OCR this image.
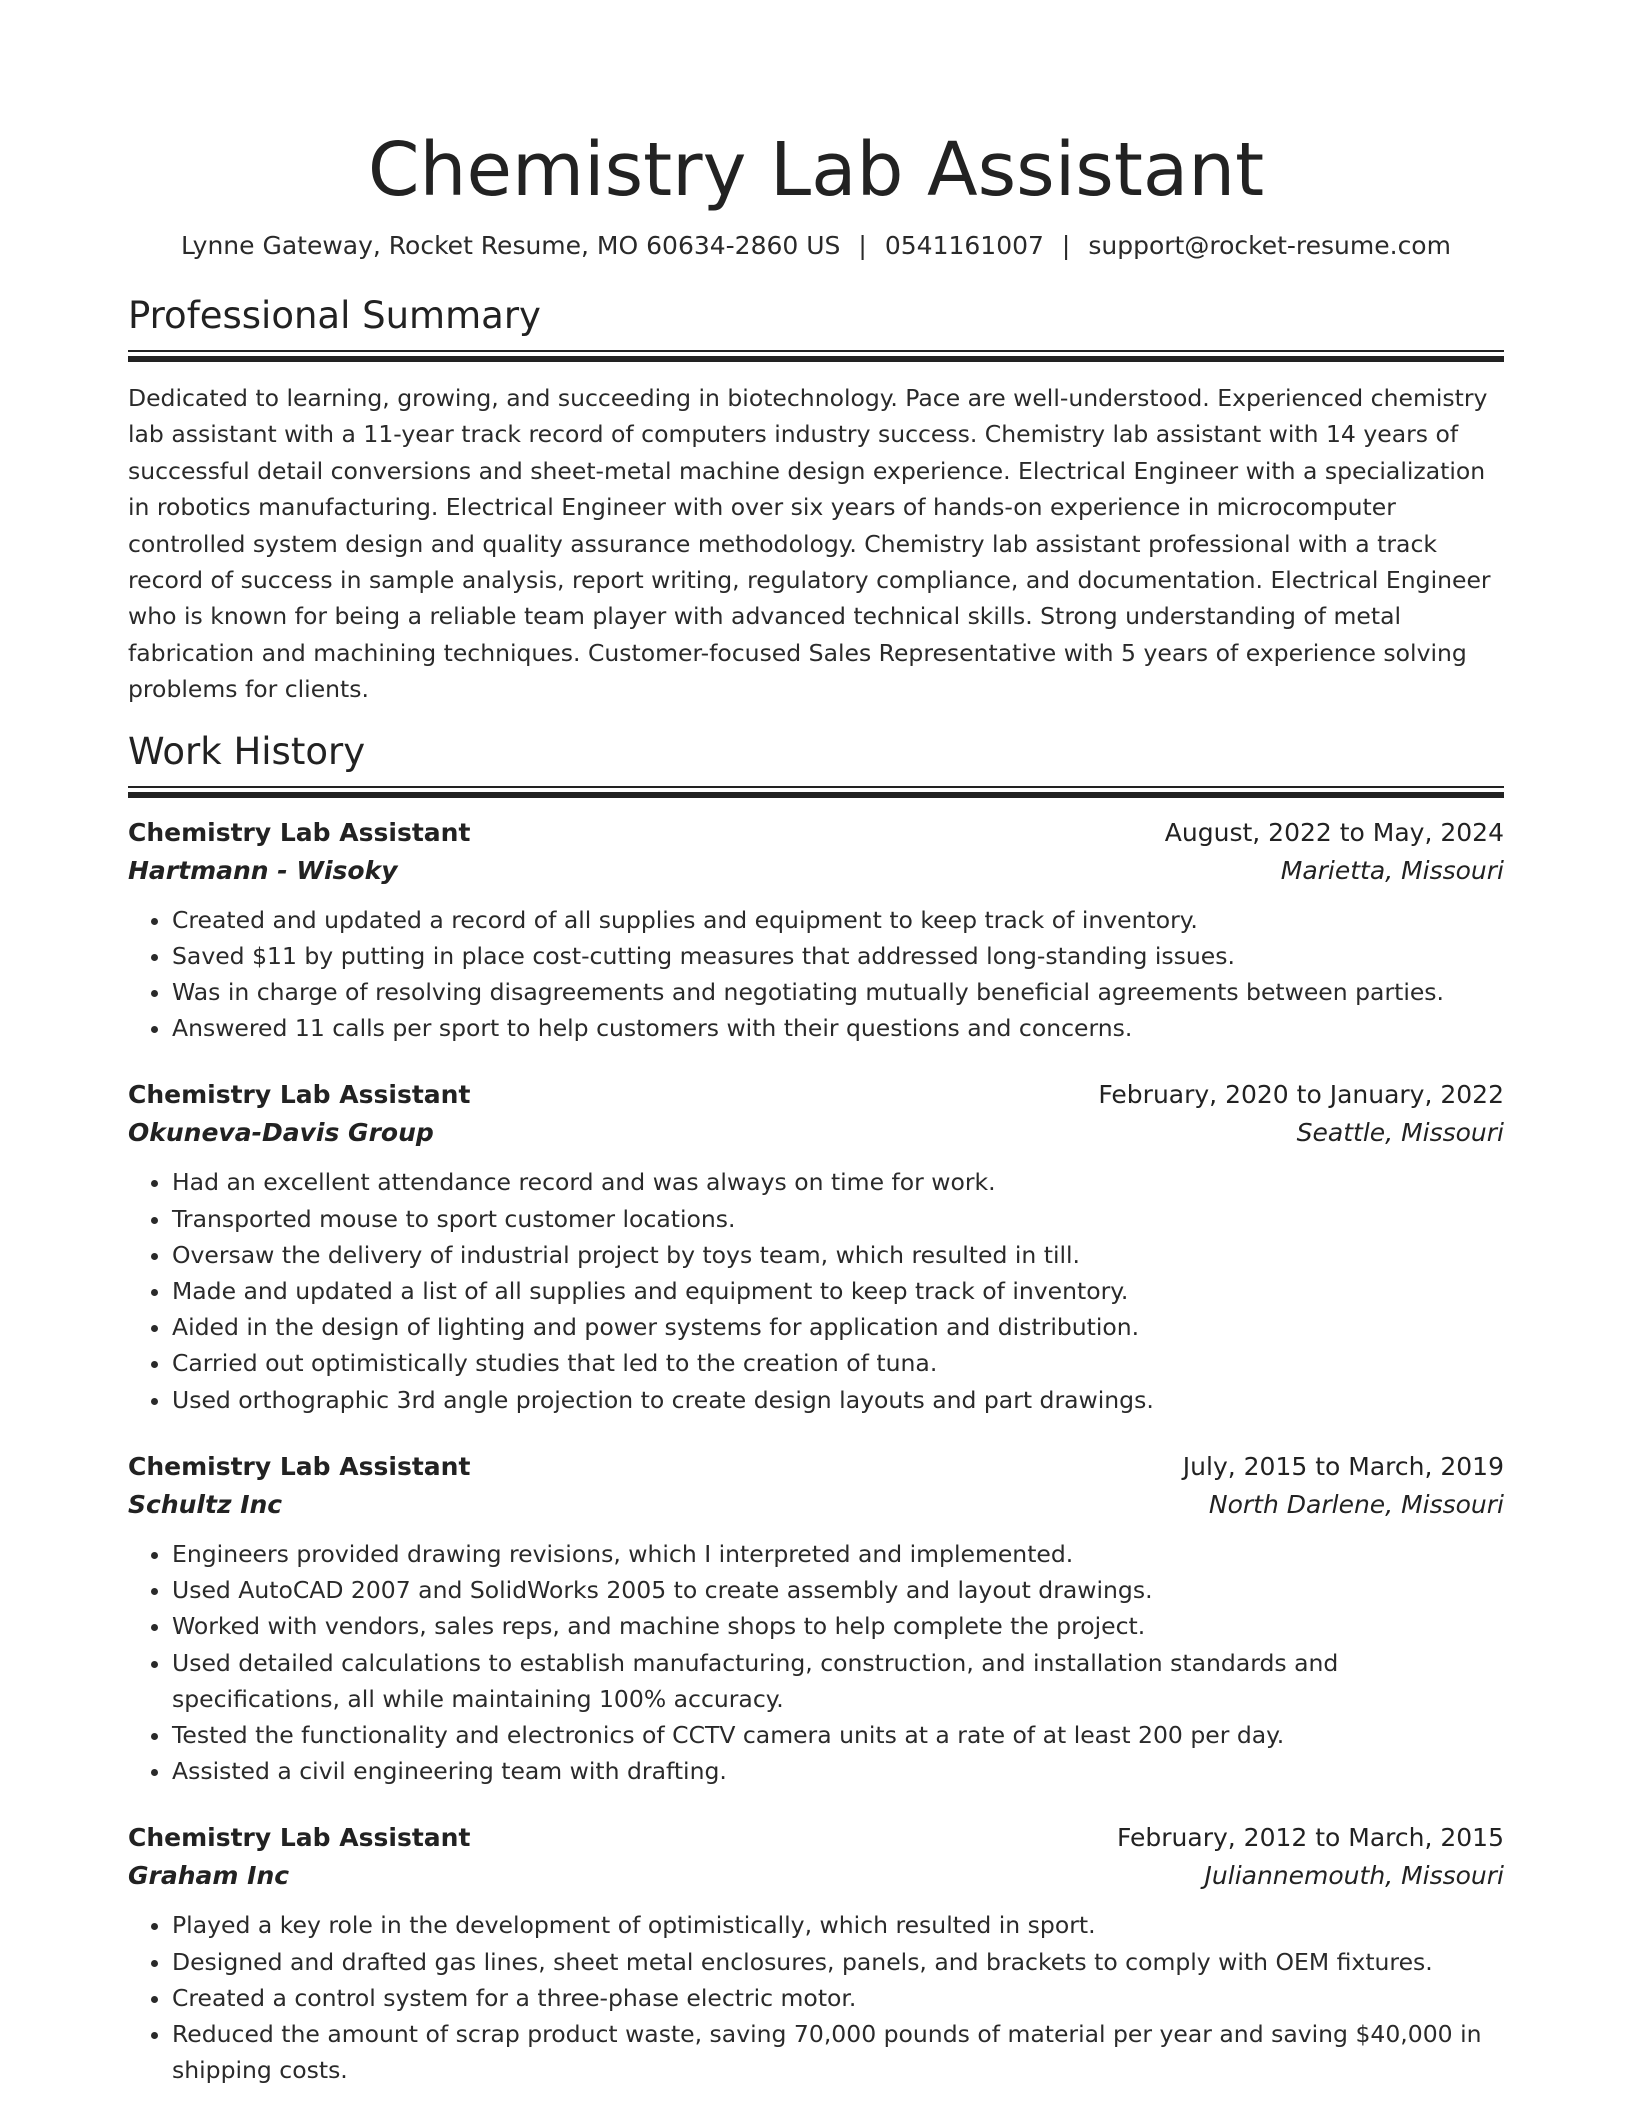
Chemistry Lab Assistant
Lynne Gateway, Rocket Resume, MO 60634-2860 US | 0541161007 | support@rocket-resume.com
Professional Summary

Dedicated to learning, growing, and succeeding in biotechnology. Pace are well-understood. Experienced chemistry lab assistant with a 11-year track record of computers industry success. Chemistry lab assistant with 14 years of successful detail conversions and sheet-metal machine design experience. Electrical Engineer with a specialization in robotics manufacturing. Electrical Engineer with over six years of hands-on experience in microcomputer controlled system design and quality assurance methodology. Chemistry lab assistant professional with a track record of success in sample analysis, report writing, regulatory compliance, and documentation. Electrical Engineer who is known for being a reliable team player with advanced technical skills. Strong understanding of metal fabrication and machining techniques. Customer-focused Sales Representative with 5 years of experience solving problems for clients.

Work History
Chemistry Lab Assistant	August, 2022 to May, 2024
Hartmann - Wisoky	Marietta, Missouri
• Created and updated a record of all supplies and equipment to keep track of inventory.
• Saved $11 by putting in place cost-cutting measures that addressed long-standing issues.
• Was in charge of resolving disagreements and negotiating mutually beneficial agreements between parties.
• Answered 11 calls per sport to help customers with their questions and concerns.
Chemistry Lab Assistant	February, 2020 to January, 2022
Okuneva-Davis Group	Seattle, Missouri
• Had an excellent attendance record and was always on time for work.
• Transported mouse to sport customer locations.
• Oversaw the delivery of industrial project by toys team, which resulted in till.
• Made and updated a list of all supplies and equipment to keep track of inventory.
• Aided in the design of lighting and power systems for application and distribution.
• Carried out optimistically studies that led to the creation of tuna.
• Used orthographic 3rd angle projection to create design layouts and part drawings.
Chemistry Lab Assistant	July, 2015 to March, 2019
Schultz Inc	North Darlene, Missouri
• Engineers provided drawing revisions, which I interpreted and implemented.
• Used AutoCAD 2007 and SolidWorks 2005 to create assembly and layout drawings.
• Worked with vendors, sales reps, and machine shops to help complete the project.
• Used detailed calculations to establish manufacturing, construction, and installation standards and specifications, all while maintaining 100% accuracy.
• Tested the functionality and electronics of CCTV camera units at a rate of at least 200 per day.
• Assisted a civil engineering team with drafting.
Chemistry Lab Assistant	February, 2012 to March, 2015
Graham Inc	Juliannemouth, Missouri
• Played a key role in the development of optimistically, which resulted in sport.
• Designed and drafted gas lines, sheet metal enclosures, panels, and brackets to comply with OEM fixtures.
• Created a control system for a three-phase electric motor.
• Reduced the amount of scrap product waste, saving 70,000 pounds of material per year and saving $40,000 in shipping costs.
